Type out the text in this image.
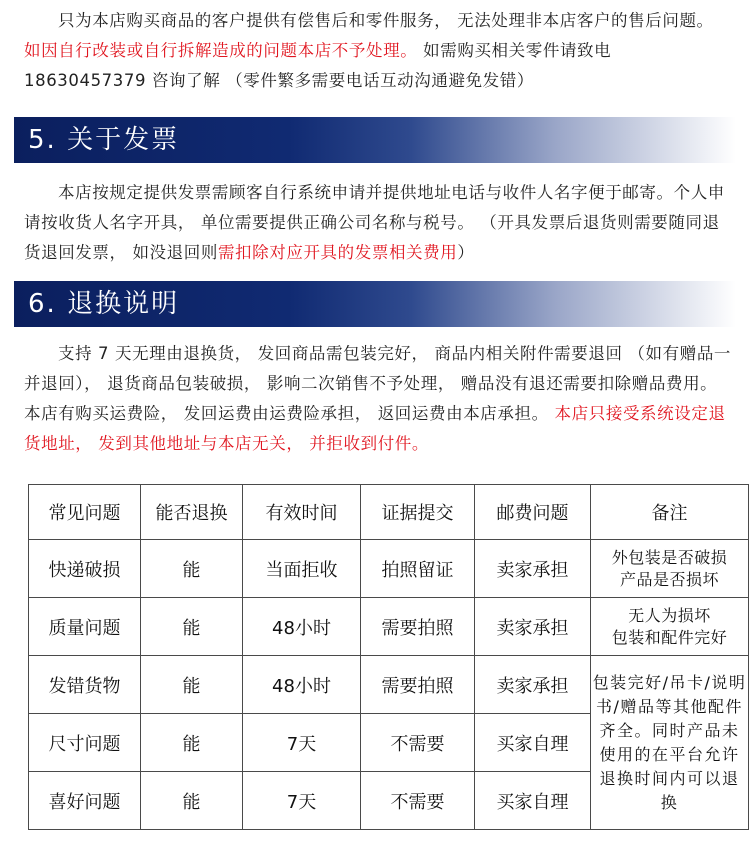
只为本店购买商品的客户提供有偿售后和零件服务， 无法处理非本店客户的售后问题。 如因自行改装或自行拆解造成的问题本店不予处理。 如需购买相关零件请致电
18630457379 咨询了解 （零件繁多需要电话互动沟通避免发错）

5. 关于发票

本店按规定提供发票需顾客自行系统申请并提供地址电话与收件人名字便于邮寄。个人申请按收货人名字开具， 单位需要提供正确公司名称与税号。 （开具发票后退货则需要随同退货退回发票， 如没退回则需扣除对应开具的发票相关费用）

6. 退换说明

支持 7 天无理由退换货， 发回商品需包装完好， 商品内相关附件需要退回 （如有赠品一并退回）， 退货商品包装破损， 影响二次销售不予处理， 赠品没有退还需要扣除赠品费用。 本店有购买运费险， 发回运费由运费险承担， 返回运费由本店承担。 本店只接受系统设定退货地址， 发到其他地址与本店无关， 并拒收到付件。

常见问题	能否退换	有效时间	证据提交	邮费问题	备注
快递破损	能	当面拒收	拍照留证	卖家承担	外包装是否破损
产品是否损坏
质量问题	能	48小时	需要拍照	卖家承担	无人为损坏
包装和配件完好
发错货物	能	48小时	需要拍照	卖家承担	包装完好/吊卡/说明书/赠品等其他配件齐全。同时产品未使用的在平台允许退换时间内可以退换
尺寸问题	能	7天	不需要	买家自理	
喜好问题	能	7天	不需要	买家自理	
